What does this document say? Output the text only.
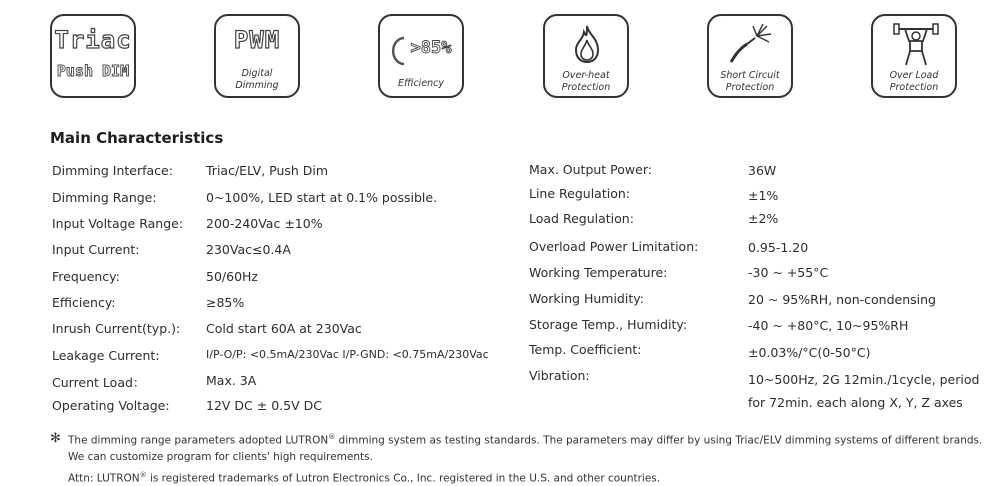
Triac
Push DIM
PWM
Digital Dimming
>85%
Efficiency
Over-heat Protection
Short Circuit Protection
Over Load Protection
Main Characteristics
Dimming Interface:	Triac/ELV, Push Dim
Dimming Range:	0~100%, LED start at 0.1% possible.
Input Voltage Range: 200-240Vac ±10%
Input Current:	230Vac≤0.4A
Frequency:	50/60Hz
Efficiency:	≥85%
Inrush Current(typ.): Cold start 60A at 230Vac
Leakage Current:	I/P-O/P: <0.5mA/230Vac I/P-GND: <0.75mA/230Vac
Current Load：	Max. 3A
Operating Voltage:	12V DC ± 0.5V DC
Max. Output Power:	36W
Line Regulation:	±1%
Load Regulation:	±2%
Overload Power Limitation:	0.95-1.20
Working Temperature:	-30 ~ +55°C
Working Humidity:	20 ~ 95%RH, non-condensing
Storage Temp., Humidity:	-40 ~ +80°C, 10~95%RH
Temp. Coefficient:	±0.03%/°C(0-50°C)
Vibration:	10~500Hz, 2G 12min./1cycle, period
for 72min. each along X, Y, Z axes
✻ The dimming range parameters adopted LUTRON® dimming system as testing standards. The parameters may differ by using Triac/ELV dimming systems of different brands.
We can customize program for clients' high requirements.
Attn: LUTRON® is registered trademarks of Lutron Electronics Co., Inc. registered in the U.S. and other countries.
